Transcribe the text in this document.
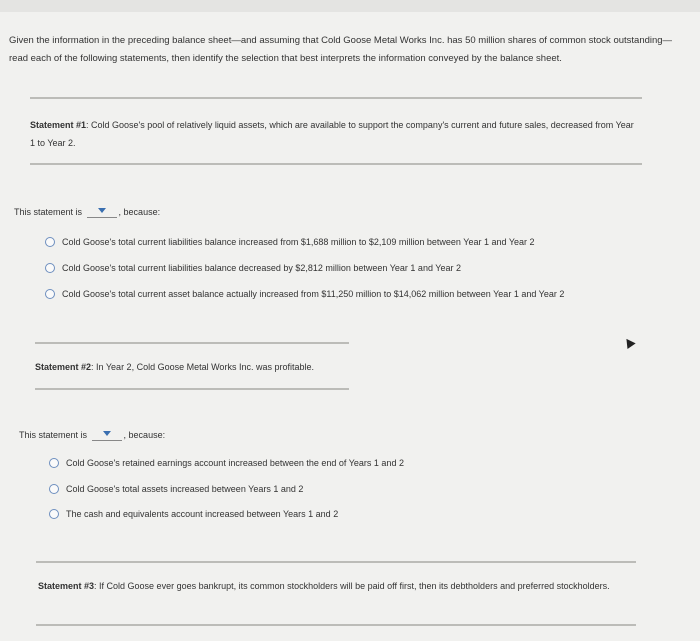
Given the information in the preceding balance sheet—and assuming that Cold Goose Metal Works Inc. has 50 million shares of common stock outstanding—read each of the following statements, then identify the selection that best interprets the information conveyed by the balance sheet.
Statement #1: Cold Goose's pool of relatively liquid assets, which are available to support the company's current and future sales, decreased from Year 1 to Year 2.
This statement is	, because:
Cold Goose's total current liabilities balance increased from $1,688 million to $2,109 million between Year 1 and Year 2
Cold Goose's total current liabilities balance decreased by $2,812 million between Year 1 and Year 2
Cold Goose's total current asset balance actually increased from $11,250 million to $14,062 million between Year 1 and Year 2
Statement #2: In Year 2, Cold Goose Metal Works Inc. was profitable.
This statement is	, because:
Cold Goose's retained earnings account increased between the end of Years 1 and 2
Cold Goose's total assets increased between Years 1 and 2
The cash and equivalents account increased between Years 1 and 2
Statement #3: If Cold Goose ever goes bankrupt, its common stockholders will be paid off first, then its debtholders and preferred stockholders.
